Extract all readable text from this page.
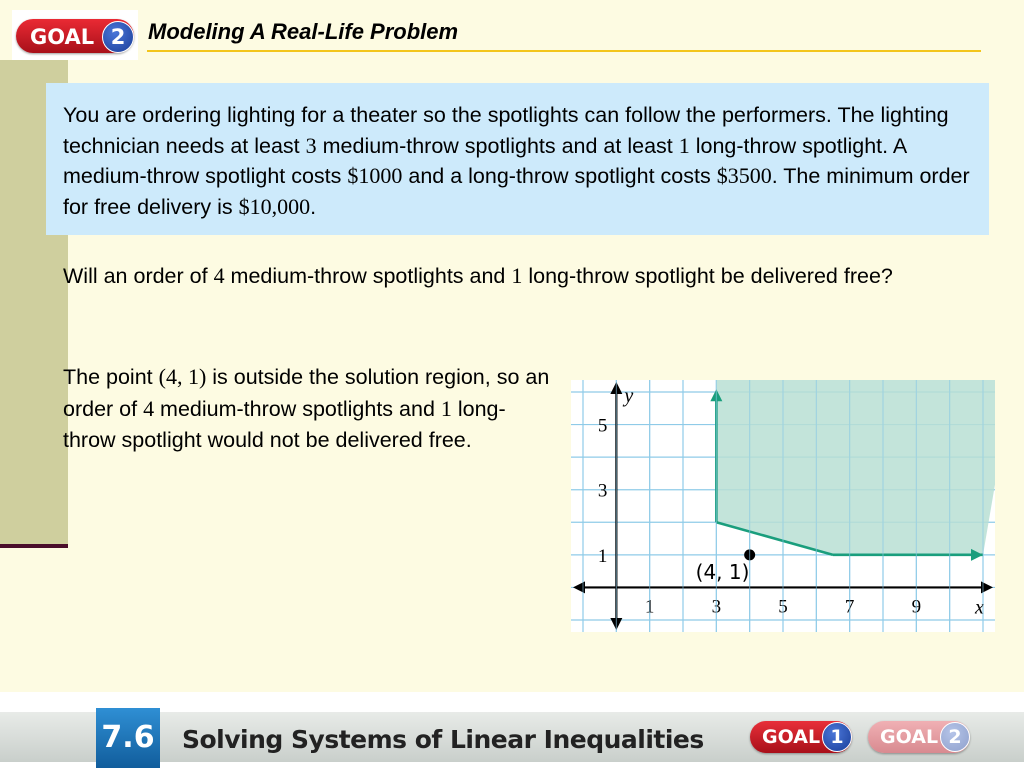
GOAL 2	Modeling A Real-Life Problem
You are ordering lighting for a theater so the spotlights can follow the performers. The lighting technician needs at least 3 medium-throw spotlights and at least 1 long-throw spotlight. A medium-throw spotlight costs $1000 and a long-throw spotlight costs $3500. The minimum order for free delivery is $10,000.
Will an order of 4 medium-throw spotlights and 1 long-throw spotlight be delivered free?
The point (4, 1) is outside the solution region, so an order of 4 medium-throw spotlights and 1 long-throw spotlight would not be delivered free.
1	3	5	7	9
1
3
5
x
y
(4, 1)
7.6 Solving Systems of Linear Inequalities	GOAL 1	GOAL 2
